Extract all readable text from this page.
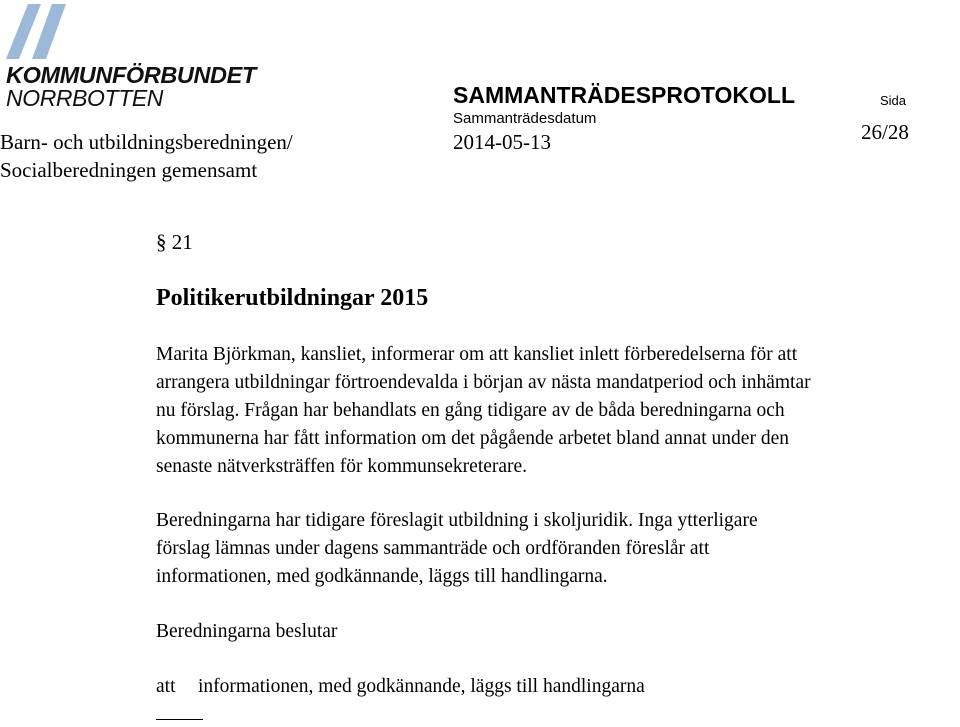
KOMMUNFÖRBUNDET
NORRBOTTEN	SAMMANTRÄDESPROTOKOLL	Sida
Sammanträdesdatum
2014-05-13	26/28
Barn- och utbildningsberedningen/
Socialberedningen gemensamt
§ 21
Politikerutbildningar 2015
Marita Björkman, kansliet, informerar om att kansliet inlett förberedelserna för att
arrangera utbildningar förtroendevalda i början av nästa mandatperiod och inhämtar
nu förslag. Frågan har behandlats en gång tidigare av de båda beredningarna och
kommunerna har fått information om det pågående arbetet bland annat under den
senaste nätverksträffen för kommunsekreterare.
Beredningarna har tidigare föreslagit utbildning i skoljuridik. Inga ytterligare
förslag lämnas under dagens sammanträde och ordföranden föreslår att
informationen, med godkännande, läggs till handlingarna.
Beredningarna beslutar
att informationen, med godkännande, läggs till handlingarna
